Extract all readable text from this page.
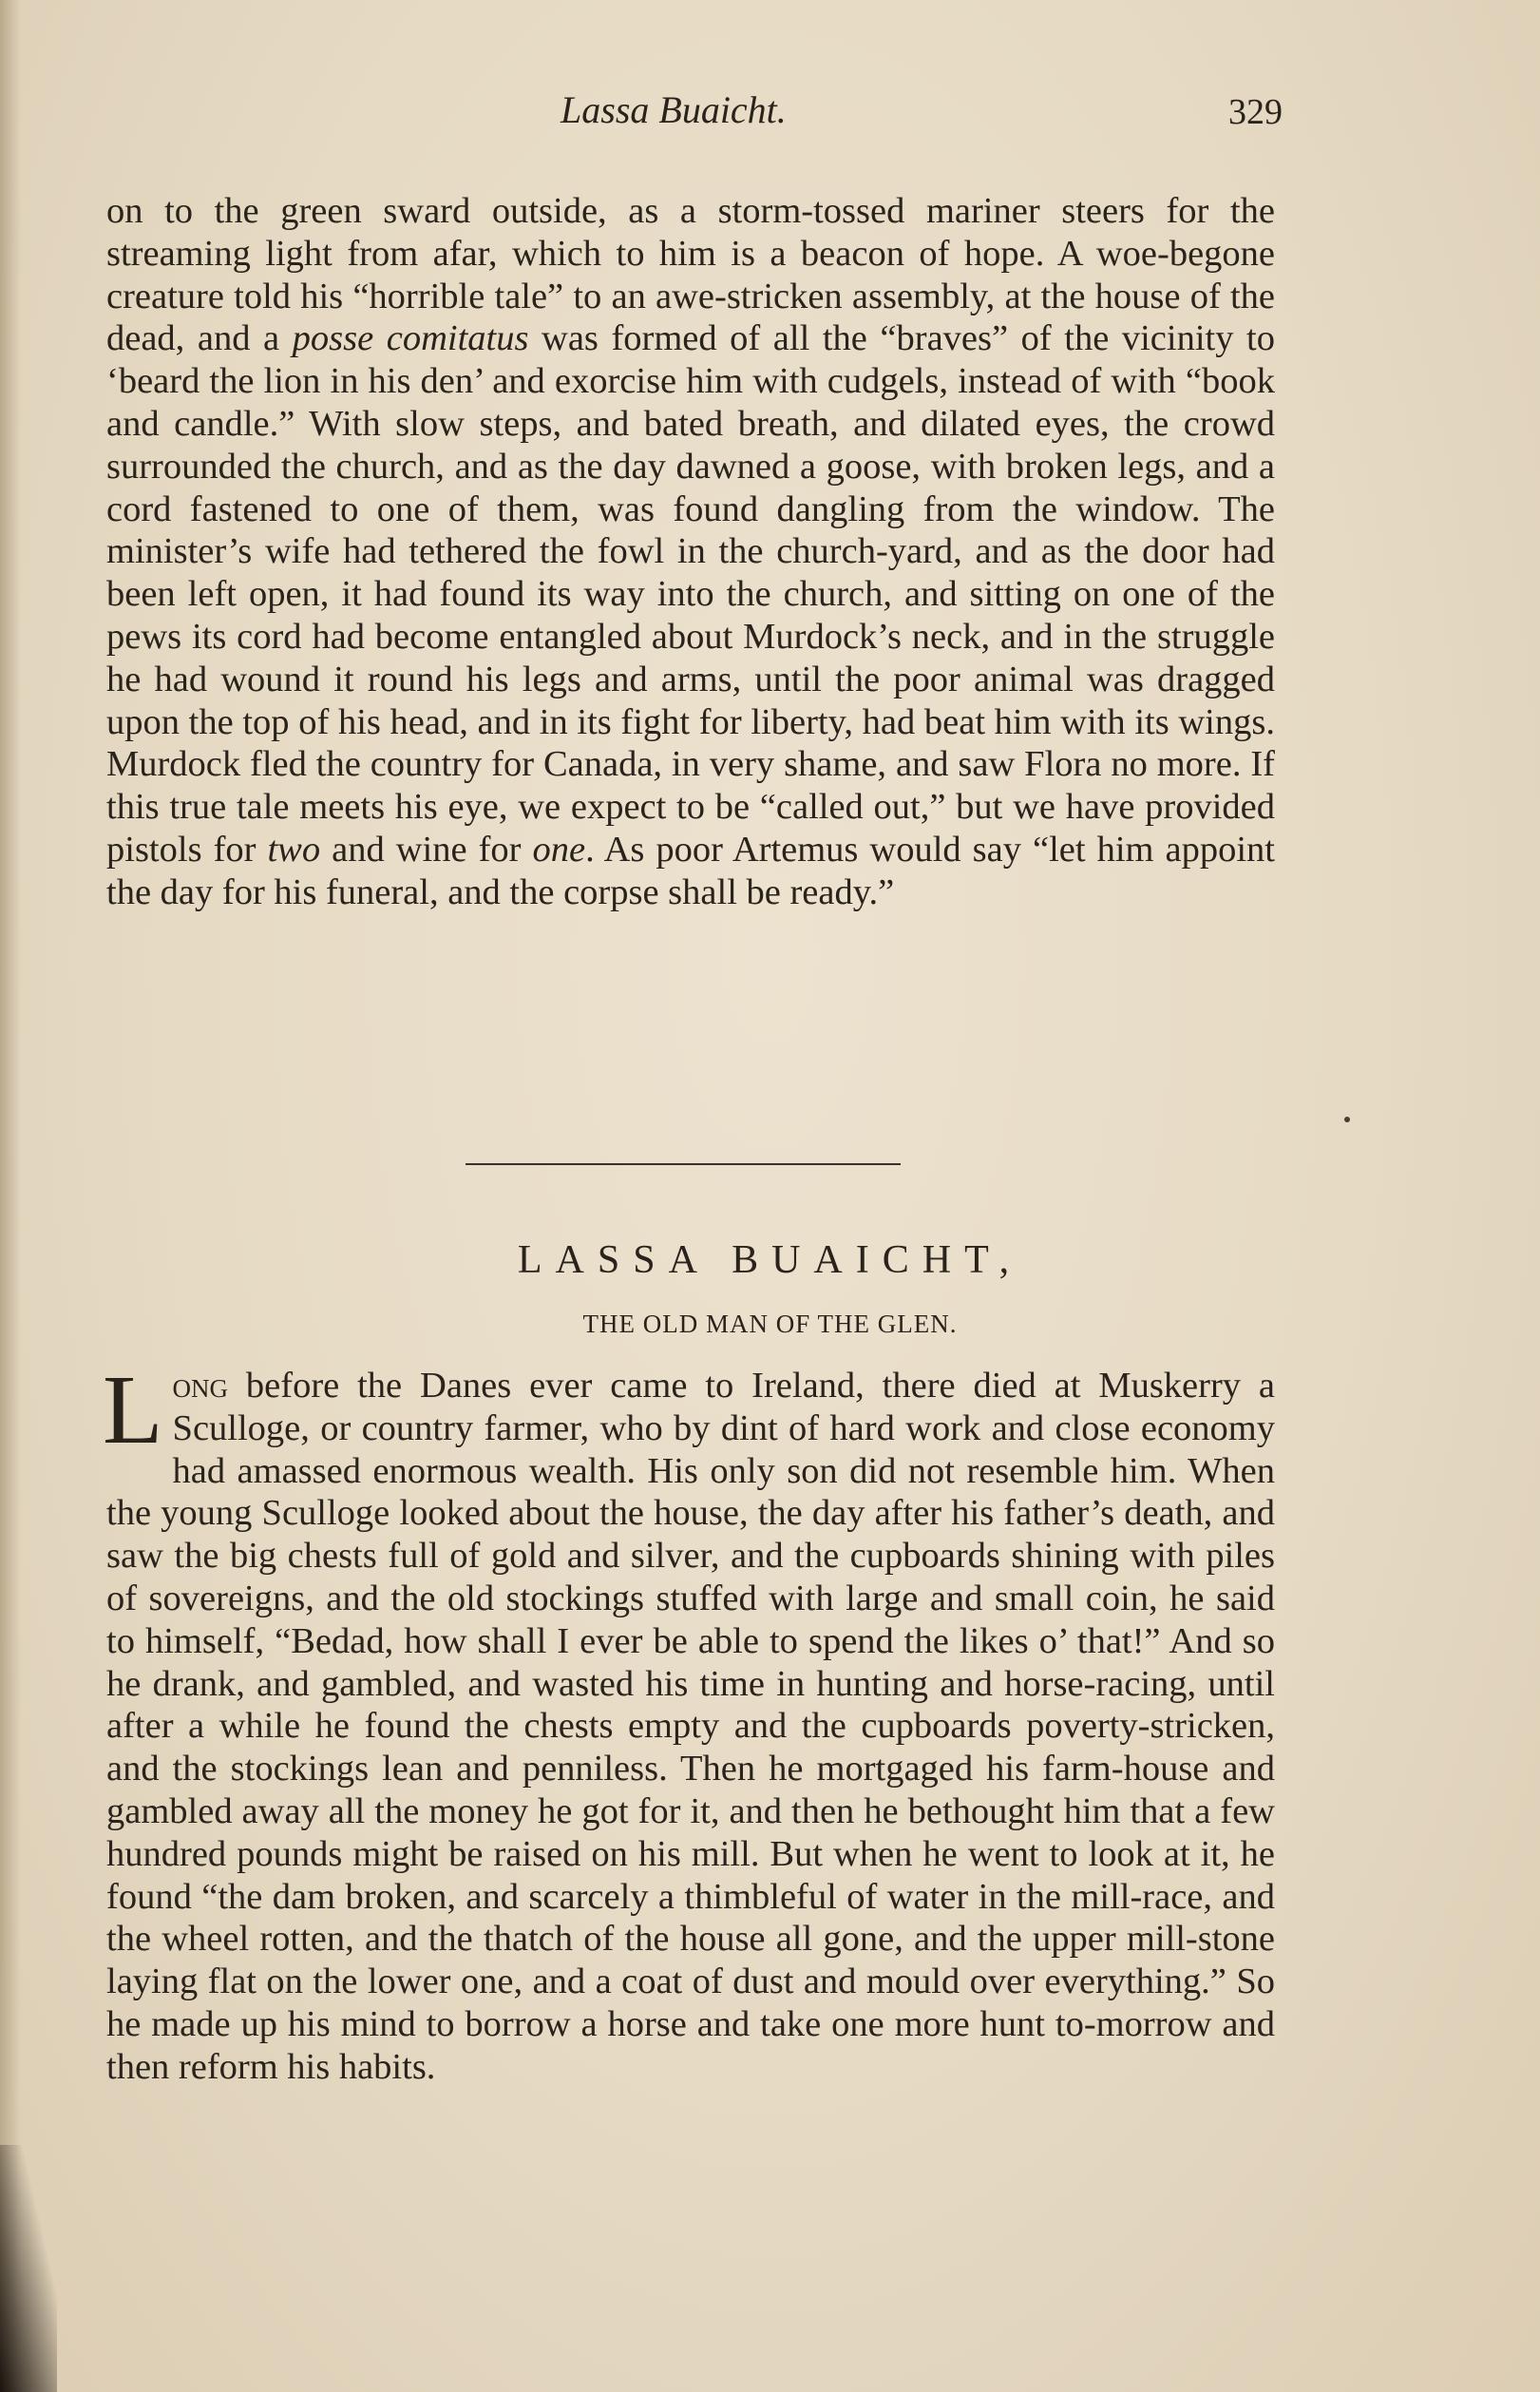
Lassa Buaicht.	329

on to the green sward outside, as a storm-tossed mariner steers for the streaming light from afar, which to him is a beacon of hope. A woe-begone creature told his “horrible tale” to an awe-stricken assembly, at the house of the dead, and a posse comitatus was formed of all the “braves” of the vicinity to ‘beard the lion in his den’ and exorcise him with cudgels, instead of with “book and candle.” With slow steps, and bated breath, and dilated eyes, the crowd surrounded the church, and as the day dawned a goose, with broken legs, and a cord fastened to one of them, was found dangling from the window. The minister’s wife had tethered the fowl in the church-yard, and as the door had been left open, it had found its way into the church, and sitting on one of the pews its cord had become entangled about Murdock’s neck, and in the struggle he had wound it round his legs and arms, until the poor animal was dragged upon the top of his head, and in its fight for liberty, had beat him with its wings. Murdock fled the country for Canada, in very shame, and saw Flora no more. If this true tale meets his eye, we expect to be “called out,” but we have provided pistols for two and wine for one. As poor Artemus would say “let him appoint the day for his funeral, and the corpse shall be ready.”

LASSA BUAICHT,

THE OLD MAN OF THE GLEN.

Long before the Danes ever came to Ireland, there died at Muskerry a Sculloge, or country farmer, who by dint of hard work and close economy had amassed enormous wealth. His only son did not resemble him. When the young Sculloge looked about the house, the day after his father’s death, and saw the big chests full of gold and silver, and the cupboards shining with piles of sovereigns, and the old stockings stuffed with large and small coin, he said to himself, “Bedad, how shall I ever be able to spend the likes o’ that!” And so he drank, and gambled, and wasted his time in hunting and horse-racing, until after a while he found the chests empty and the cupboards poverty-stricken, and the stockings lean and penniless. Then he mortgaged his farm-house and gambled away all the money he got for it, and then he bethought him that a few hundred pounds might be raised on his mill. But when he went to look at it, he found “the dam broken, and scarcely a thimbleful of water in the mill-race, and the wheel rotten, and the thatch of the house all gone, and the upper mill-stone laying flat on the lower one, and a coat of dust and mould over everything.” So he made up his mind to borrow a horse and take one more hunt to-morrow and then reform his habits.
